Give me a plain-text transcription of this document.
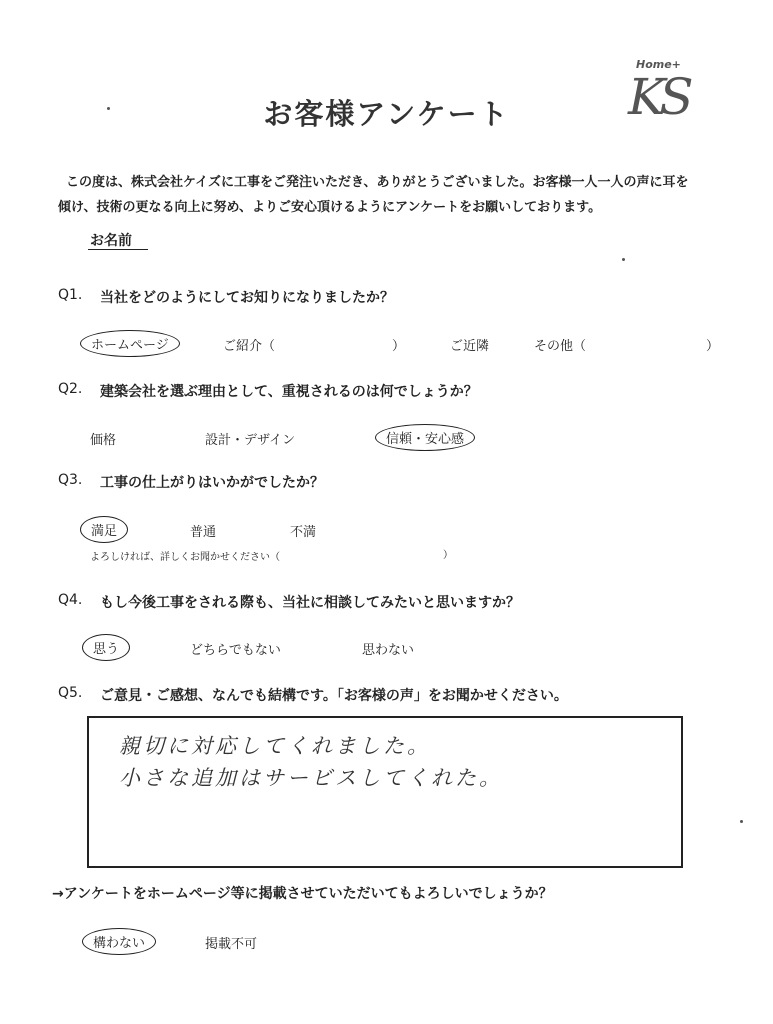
Home+
KS
お客様アンケート

この度は、株式会社ケイズに工事をご発注いただき、ありがとうございました。お客様一人一人の声に耳を

傾け、技術の更なる向上に努め、よりご安心頂けるようにアンケートをお願いしております。

お名前
Q1. 当社をどのようにしてお知りになりましたか？
ホームページ	ご紹介（	）	ご近隣	その他（	）
Q2. 建築会社を選ぶ理由として、重視されるのは何でしょうか？
価格	設計・デザイン	信頼・安心感
Q3. 工事の仕上がりはいかがでしたか？
満足	普通	不満
よろしければ、詳しくお聞かせください（	）
Q4. もし今後工事をされる際も、当社に相談してみたいと思いますか？
思う	どちらでもない	思わない
Q5. ご意見・ご感想、なんでも結構です。「お客様の声」をお聞かせください。
親切に対応してくれました。
小さな追加はサービスしてくれた。
→アンケートをホームページ等に掲載させていただいてもよろしいでしょうか？
構わない	掲載不可
